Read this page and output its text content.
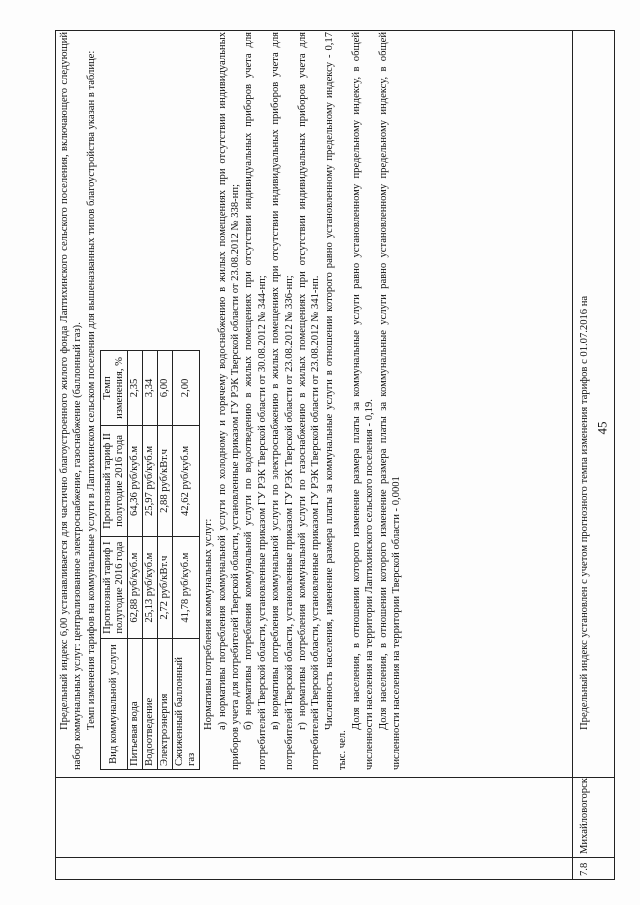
45

Предельный индекс 6,00 устанавливается для частично благоустроенного жилого фонда Лаптихинского сельского поселения, включающего следующий набор коммунальных услуг: централизованное электроснабжение, газоснабжение (баллонный газ). Темп изменения тарифов на коммунальные услуги в Лаптихинском сельском поселении для вышеназванных типов благоустройства указан в таблице: Вид коммунальной услуги	Прогнозный тариф I полугодие 2016 года	Прогнозный тариф II полугодие 2016 года	Темп изменения, %
Питьевая вода	62,88 руб/куб.м	64,36 руб/куб.м	2,35
Водоотведение	25,13 руб/куб.м	25,97 руб/куб.м	3,34
Электроэнергия	2,72 руб/кВт.ч	2,88 руб/кВт.ч	6,00
Сжиженный баллонный газ	41,78 руб/куб.м	42,62 руб/куб.м	2,00

Нормативы потребления коммунальных услуг: а) нормативы потребления коммунальной услуги по холодному и горячему водоснабжению в жилых помещениях при отсутствии индивидуальных приборов учета для потребителей Тверской области, установленные приказом ГУ РЭК Тверской области от 23.08.2012 № 338-нп; б) нормативы потребления коммунальной услуги по водоотведению в жилых помещениях при отсутствии индивидуальных приборов учета для потребителей Тверской области, установленные приказом ГУ РЭК Тверской области от 30.08.2012 № 344-нп; в) нормативы потребления коммунальной услуги по электроснабжению в жилых помещениях при отсутствии индивидуальных приборов учета для потребителей Тверской области, установленные приказом ГУ РЭК Тверской области от 23.08.2012 № 336-нп; г) нормативы потребления коммунальной услуги по газоснабжению в жилых помещениях при отсутствии индивидуальных приборов учета для потребителей Тверской области, установленные приказом ГУ РЭК Тверской области от 23.08.2012 № 341-нп. Численность населения, изменение размера платы за коммунальные услуги в отношении которого равно установленному предельному индексу - 0,17 тыс. чел.

Доля населения, в отношении которого изменение размера платы за коммунальные услуги равно установленному предельному индексу, в общей численности населения на территории Лаптихинского сельского поселения - 0,19. Доля населения, в отношении которого изменение размера платы за коммунальные услуги равно установленному предельному индексу, в общей численности населения на территории Тверской области - 0,0001

7.8
Михайловогорск

Предельный индекс установлен с учетом прогнозного темпа изменения тарифов с 01.07.2016 на
